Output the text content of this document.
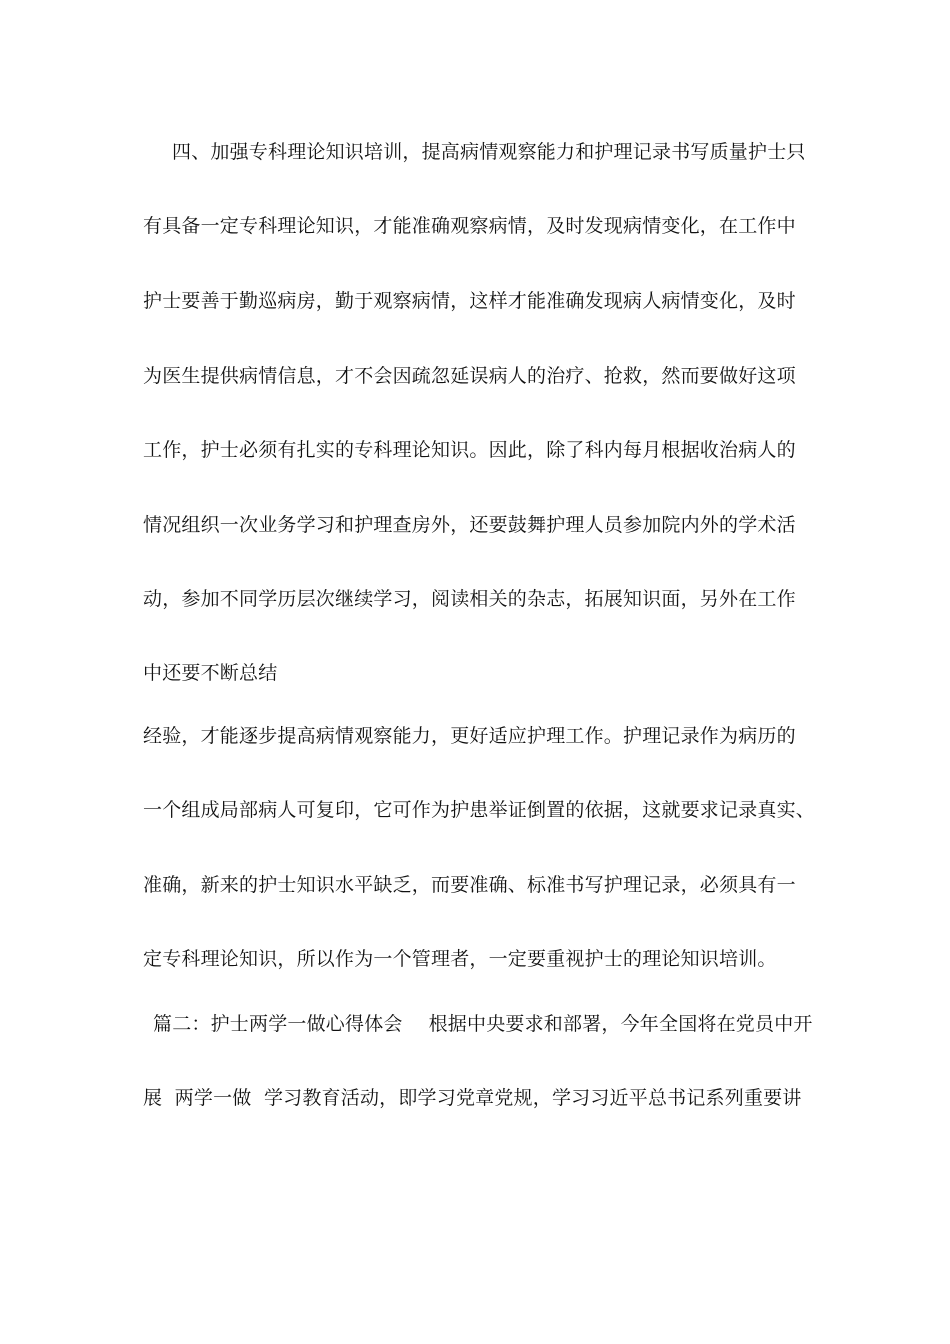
四、加强专科理论知识培训，提高病情观察能力和护理记录书写质量护士只
有具备一定专科理论知识，才能准确观察病情，及时发现病情变化，在工作中
护士要善于勤巡病房，勤于观察病情，这样才能准确发现病人病情变化，及时
为医生提供病情信息，才不会因疏忽延误病人的治疗、抢救，然而要做好这项
工作，护士必须有扎实的专科理论知识。因此，除了科内每月根据收治病人的
情况组织一次业务学习和护理查房外，还要鼓舞护理人员参加院内外的学术活
动，参加不同学历层次继续学习，阅读相关的杂志，拓展知识面，另外在工作
中还要不断总结
经验，才能逐步提高病情观察能力，更好适应护理工作。护理记录作为病历的
一个组成局部病人可复印，它可作为护患举证倒置的依据，这就要求记录真实、
准确，新来的护士知识水平缺乏，而要准确、标准书写护理记录，必须具有一
定专科理论知识，所以作为一个管理者，一定要重视护士的理论知识培训。
篇二：护士两学一做心得体会 根据中央要求和部署，今年全国将在党员中开
展  两学一做  学习教育活动，即学习党章党规，学习习近平总书记系列重要讲
